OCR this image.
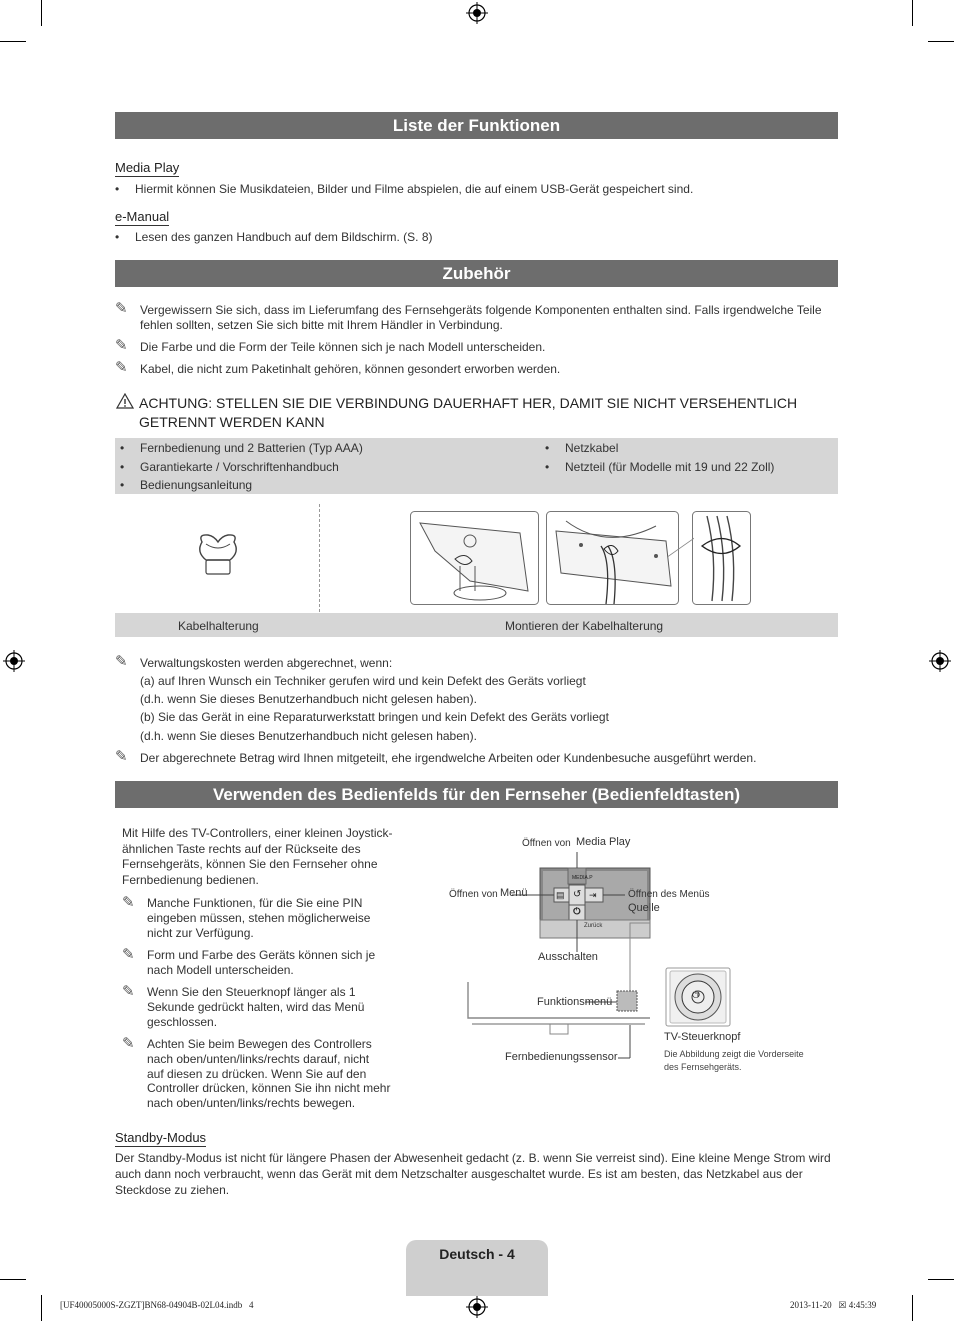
Liste der Funktionen
Media Play
• Hiermit können Sie Musikdateien, Bilder und Filme abspielen, die auf einem USB-Gerät gespeichert sind.
e-Manual
• Lesen des ganzen Handbuch auf dem Bildschirm. (S. 8)
Zubehör
✎ Vergewissern Sie sich, dass im Lieferumfang des Fernsehgeräts folgende Komponenten enthalten sind. Falls irgendwelche Teile
fehlen sollten, setzen Sie sich bitte mit Ihrem Händler in Verbindung.
✎ Die Farbe und die Form der Teile können sich je nach Modell unterscheiden.
✎ Kabel, die nicht zum Paketinhalt gehören, können gesondert erworben werden.
ACHTUNG: STELLEN SIE DIE VERBINDUNG DAUERHAFT HER, DAMIT SIE NICHT VERSEHENTLICH
GETRENNT WERDEN KANN
• Fernbedienung und 2 Batterien (Typ AAA)
• Garantiekarte / Vorschriftenhandbuch
• Bedienungsanleitung
• Netzkabel
• Netzteil (für Modelle mit 19 und 22 Zoll)
Kabelhalterung	Montieren der Kabelhalterung
✎ Verwaltungskosten werden abgerechnet, wenn:
(a) auf Ihren Wunsch ein Techniker gerufen wird und kein Defekt des Geräts vorliegt
(d.h. wenn Sie dieses Benutzerhandbuch nicht gelesen haben).
(b) Sie das Gerät in eine Reparaturwerkstatt bringen und kein Defekt des Geräts vorliegt
(d.h. wenn Sie dieses Benutzerhandbuch nicht gelesen haben).
✎ Der abgerechnete Betrag wird Ihnen mitgeteilt, ehe irgendwelche Arbeiten oder Kundenbesuche ausgeführt werden.
Verwenden des Bedienfelds für den Fernseher (Bedienfeldtasten)
Mit Hilfe des TV-Controllers, einer kleinen Joystick-
ähnlichen Taste rechts auf der Rückseite des
Fernsehgeräts, können Sie den Fernseher ohne
Fernbedienung bedienen.
✎ Manche Funktionen, für die Sie eine PIN
eingeben müssen, stehen möglicherweise
nicht zur Verfügung.
✎ Form und Farbe des Geräts können sich je
nach Modell unterscheiden.
✎ Wenn Sie den Steuerknopf länger als 1
Sekunde gedrückt halten, wird das Menü
geschlossen.
✎ Achten Sie beim Bewegen des Controllers
nach oben/unten/links/rechts darauf, nicht
auf diesen zu drücken. Wenn Sie auf den
Controller drücken, können Sie ihn nicht mehr
nach oben/unten/links/rechts bewegen.
MEDIA.P
▤ ↺ ⇥
⏻
Zurück
⏻
Öffnen von Media Play
Öffnen von Menü	Öffnen des Menüs
Quelle
Ausschalten
Funktionsmenü
Fernbedienungssensor
TV-Steuerknopf
Die Abbildung zeigt die Vorderseite
des Fernsehgeräts.
Standby-Modus
Der Standby-Modus ist nicht für längere Phasen der Abwesenheit gedacht (z. B. wenn Sie verreist sind). Eine kleine Menge Strom wird
auch dann noch verbraucht, wenn das Gerät mit dem Netzschalter ausgeschaltet wurde. Es ist am besten, das Netzkabel aus der
Steckdose zu ziehen.
Deutsch - 4
[UF40005000S-ZGZT]BN68-04904B-02L04.indb   4	2013-11-20   ☒ 4:45:39
